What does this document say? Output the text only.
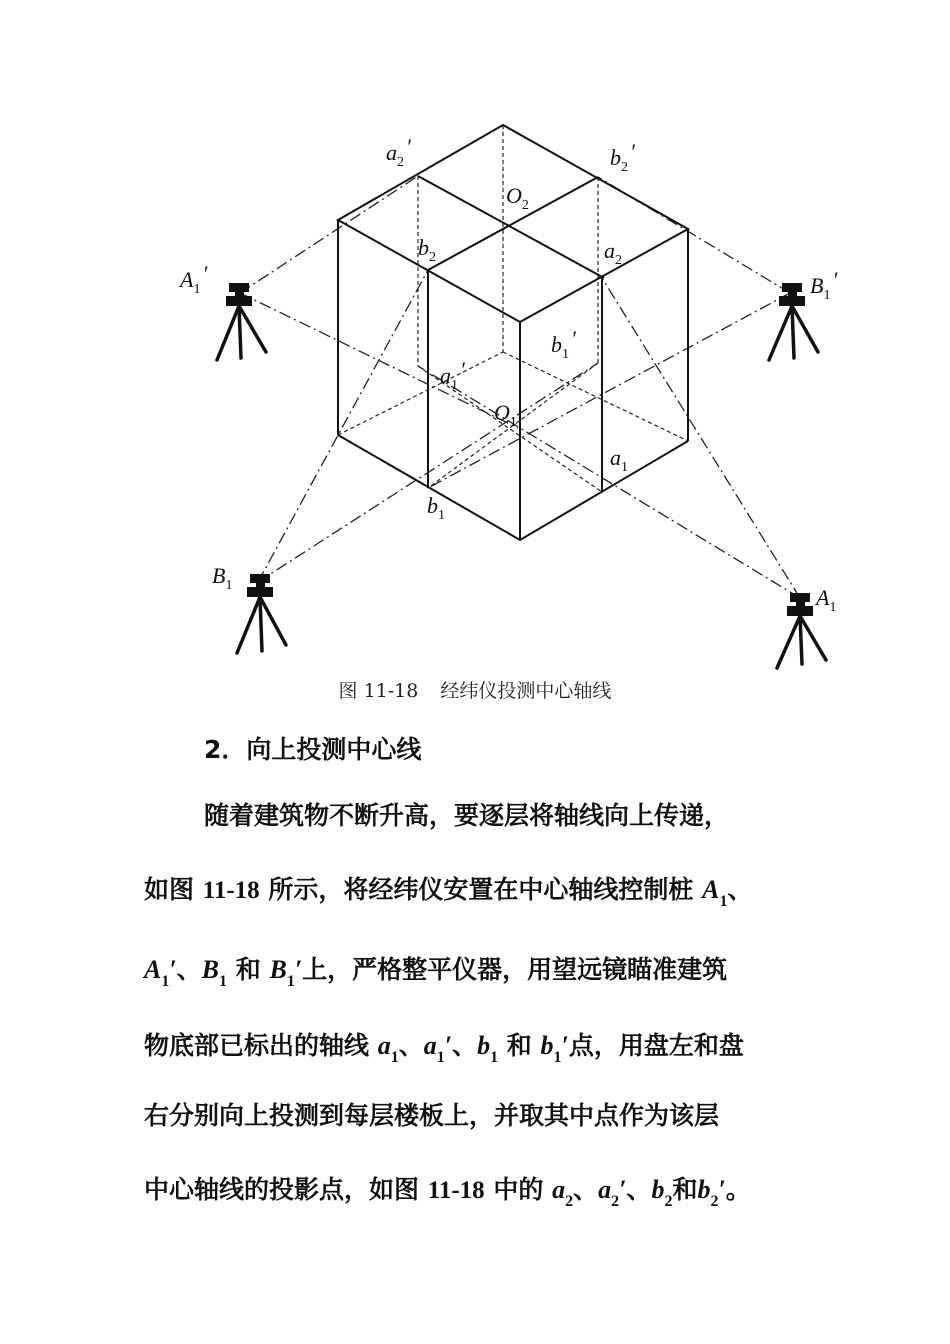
a2′	b2′
O2
b2	a2
A1′	B1′
b1′
a1′
O1
a1
b1
B1	A1
图 11-18 经纬仪投测中心轴线
2．向上投测中心线
随着建筑物不断升高，要逐层将轴线向上传递，
如图 11-18 所示，将经纬仪安置在中心轴线控制桩 $A_1$、
$A_1'$、$B_1$ 和 $B_1'$上，严格整平仪器，用望远镜瞄准建筑
物底部已标出的轴线 $a_1$、$a_1'$、$b_1$ 和 $b_1'$点，用盘左和盘
右分别向上投测到每层楼板上，并取其中点作为该层
中心轴线的投影点，如图 11-18 中的 $a_2$、$a_2'$、$b_2$和$b_2'$。
